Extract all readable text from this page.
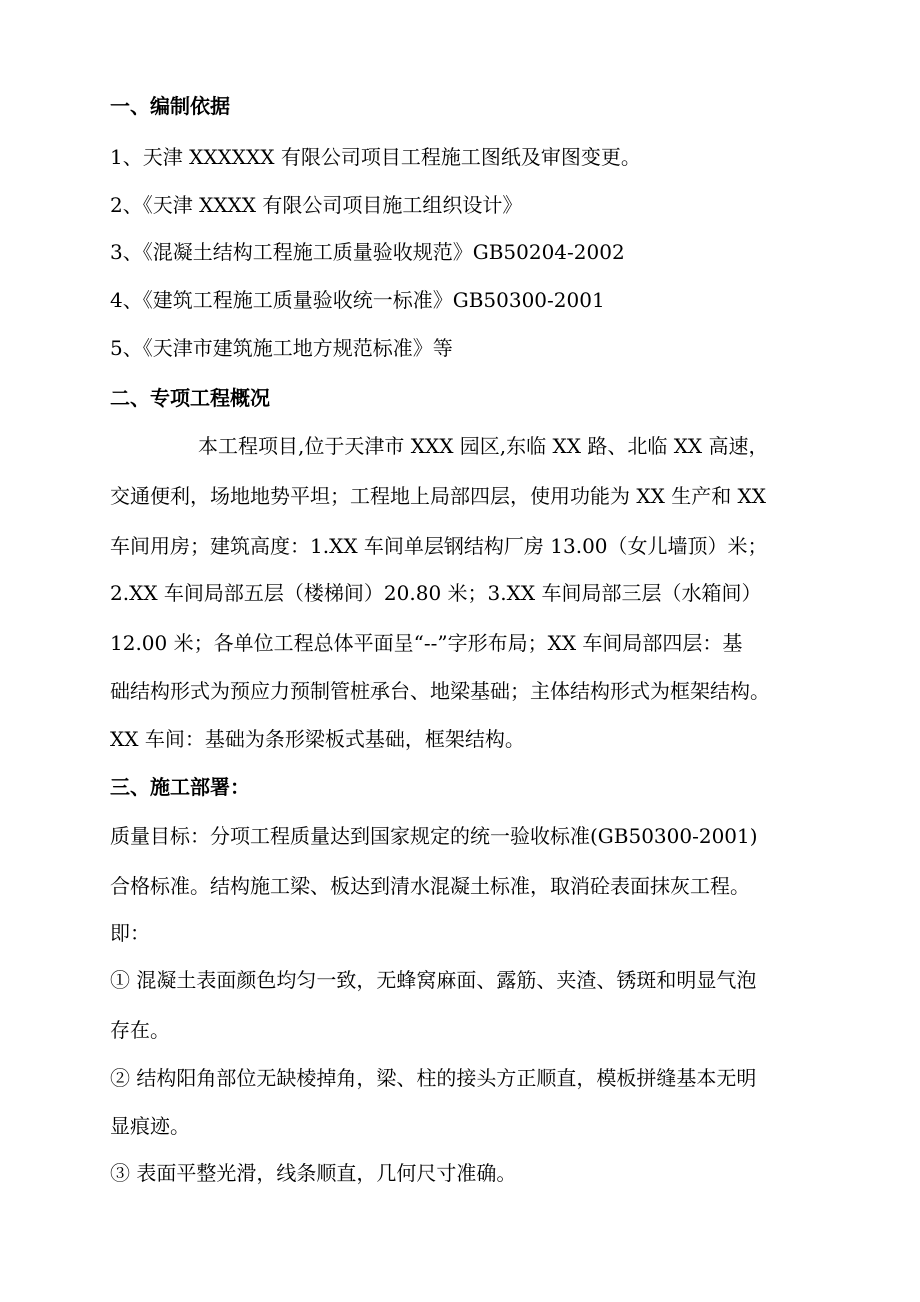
一、编制依据
1、天津 XXXXXX 有限公司项目工程施工图纸及审图变更。
2、《天津 XXXX 有限公司项目施工组织设计》
3、《混凝土结构工程施工质量验收规范》GB50204-2002
4、《建筑工程施工质量验收统一标准》GB50300-2001
5、《天津市建筑施工地方规范标准》等
二、专项工程概况
本工程项目,位于天津市 XXX 园区,东临 XX 路、北临 XX 高速，
交通便利，场地地势平坦；工程地上局部四层，使用功能为 XX 生产和 XX
车间用房；建筑高度：1.XX 车间单层钢结构厂房 13.00（女儿墙顶）米；
2.XX 车间局部五层（楼梯间）20.80 米；3.XX 车间局部三层（水箱间）
12.00 米；各单位工程总体平面呈“--”字形布局；XX 车间局部四层：基
础结构形式为预应力预制管桩承台、地梁基础；主体结构形式为框架结构。
XX 车间：基础为条形梁板式基础，框架结构。
三、施工部署：
质量目标：分项工程质量达到国家规定的统一验收标准(GB50300-2001)
合格标准。结构施工梁、板达到清水混凝土标准，取消砼表面抹灰工程。
即：
① 混凝土表面颜色均匀一致，无蜂窝麻面、露筋、夹渣、锈斑和明显气泡
存在。
② 结构阳角部位无缺棱掉角，梁、柱的接头方正顺直，模板拼缝基本无明
显痕迹。
③ 表面平整光滑，线条顺直，几何尺寸准确。
